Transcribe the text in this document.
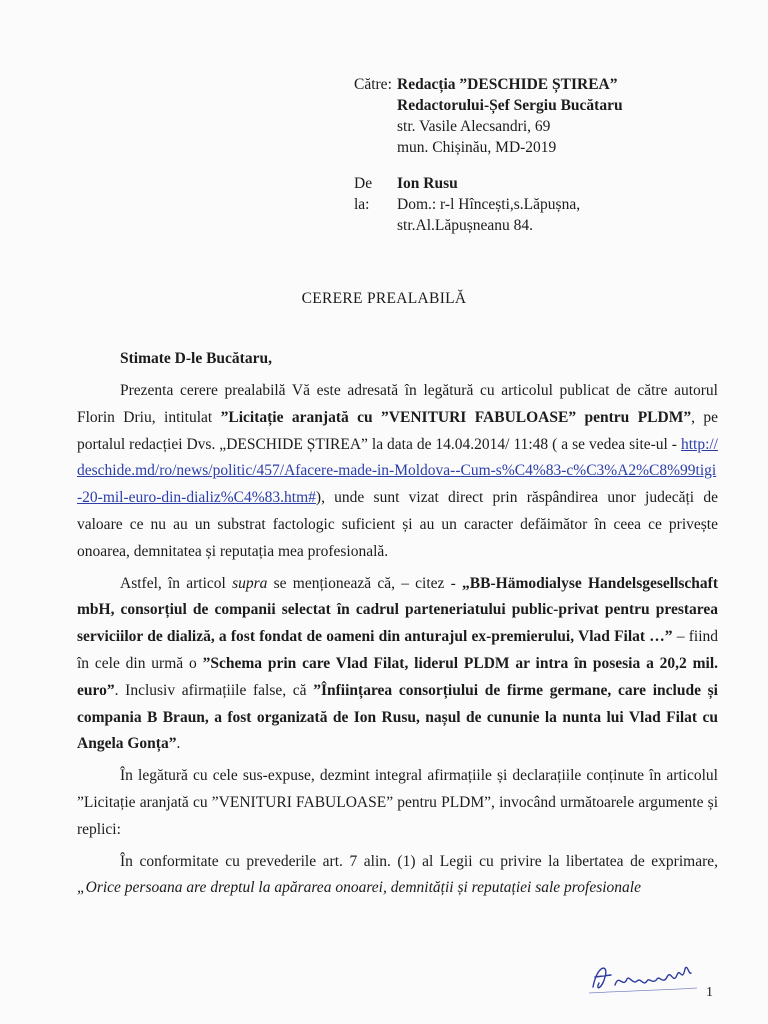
Către: Redacția ”DESCHIDE ȘTIREA”
Redactorului-Șef Sergiu Bucătaru
str. Vasile Alecsandri, 69
mun. Chișinău, MD-2019
De la:
Ion Rusu
Dom.: r-l Hîncești,s.Lăpușna,
str.Al.Lăpușneanu 84.
CERERE PREALABILĂ
Stimate D-le Bucătaru,

Prezenta cerere prealabilă Vă este adresată în legătură cu articolul publicat de către autorul Florin Driu, intitulat ”Licitație aranjată cu ”VENITURI FABULOASE” pentru PLDM”, pe portalul redacției Dvs. „DESCHIDE ȘTIREA” la data de 14.04.2014/ 11:48 ( a se vedea site-ul - http://deschide.md/ro/news/politic/457/Afacere-made-in-Moldova--Cum-s%C4%83-c%C3%A2%C8%99tigi-20-mil-euro-din-dializ%C4%83.htm#), unde sunt vizat direct prin răspândirea unor judecăți de valoare ce nu au un substrat factologic suficient și au un caracter defăimător în ceea ce privește onoarea, demnitatea și reputația mea profesională.

Astfel, în articol supra se menționează că, – citez - „BB-Hämodialyse Handelsgesellschaft mbH, consorțiul de companii selectat în cadrul parteneriatului public-privat pentru prestarea serviciilor de dializă, a fost fondat de oameni din anturajul ex-premierului, Vlad Filat …” – fiind în cele din urmă o ”Schema prin care Vlad Filat, liderul PLDM ar intra în posesia a 20,2 mil. euro”. Inclusiv afirmațiile false, că ”Înființarea consorțiului de firme germane, care include și compania B Braun, a fost organizată de Ion Rusu, nașul de cununie la nunta lui Vlad Filat cu Angela Gonța”.

În legătură cu cele sus-expuse, dezmint integral afirmațiile și declarațiile conținute în articolul ”Licitație aranjată cu ”VENITURI FABULOASE” pentru PLDM”, invocând următoarele argumente și replici:

În conformitate cu prevederile art. 7 alin. (1) al Legii cu privire la libertatea de exprimare, „Orice persoana are dreptul la apărarea onoarei, demnității și reputației sale profesionale

1
